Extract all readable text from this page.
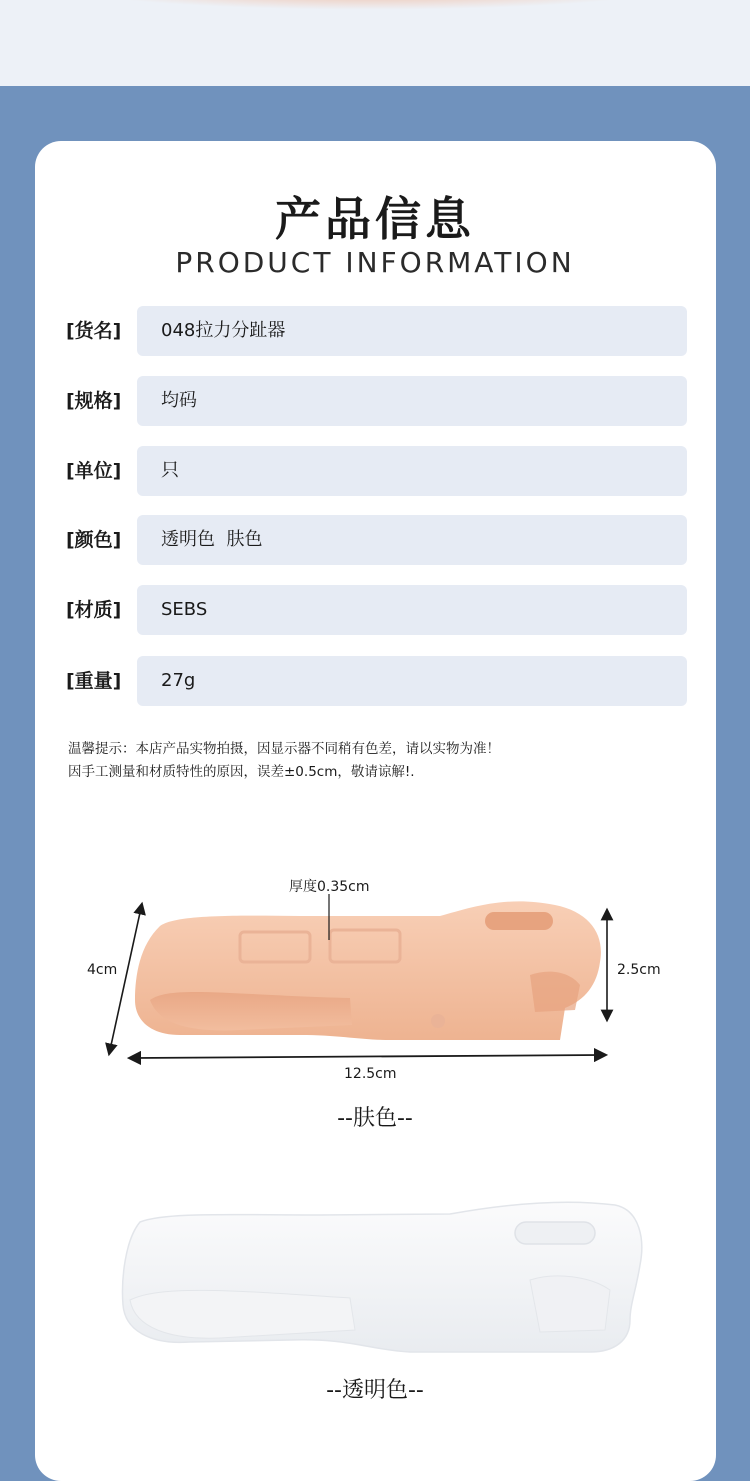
产品信息
PRODUCT INFORMATION
[货名] 048拉力分趾器
[规格] 均码
[单位] 只
[颜色] 透明色  肤色
[材质] SEBS
[重量] 27g
温馨提示：本店产品实物拍摄，因显示器不同稍有色差，请以实物为准！
因手工测量和材质特性的原因，误差±0.5cm，敬请谅解!.
厚度0.35cm
4cm	2.5cm
12.5cm
--肤色--
--透明色--
